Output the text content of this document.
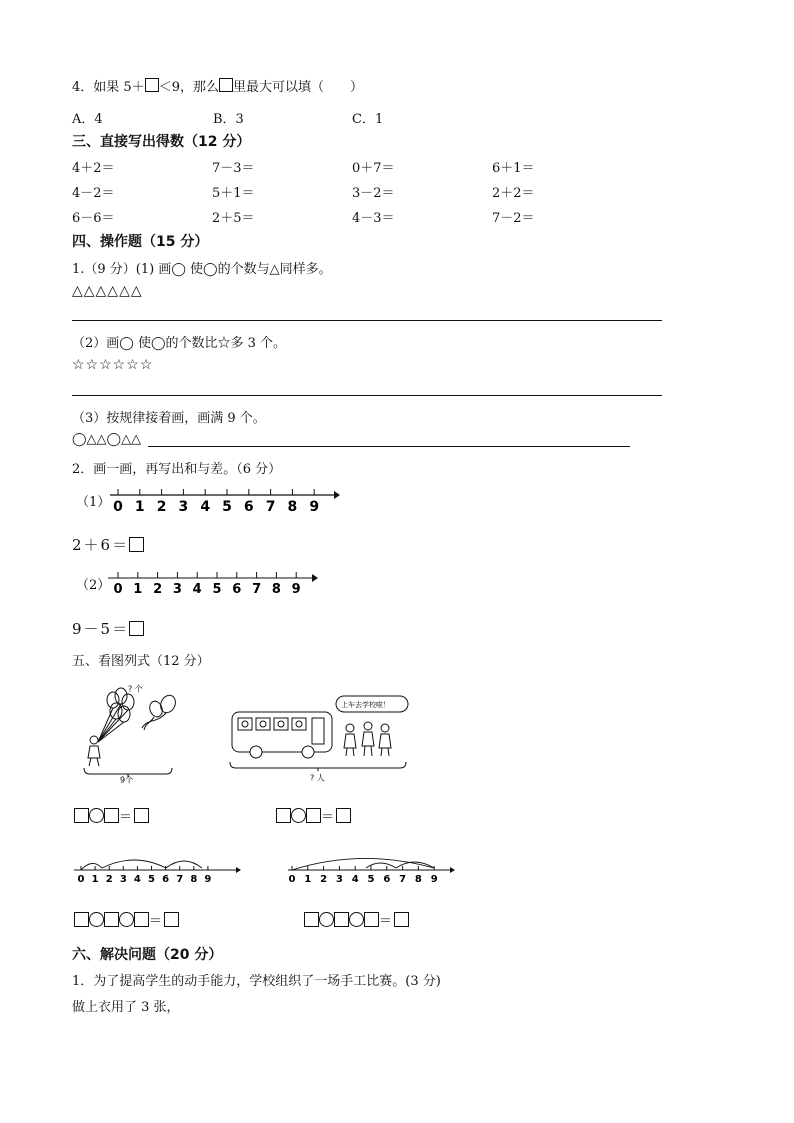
4．如果 5＋ ＜9，那么 里最大可以填（　　）
A．4	B．3	C．1
三、直接写出得数（12 分）
4＋2＝	7－3＝	0＋7＝	6＋1＝
4－2＝	5＋1＝	3－2＝	2＋2＝
6－6＝	2＋5＝	4－3＝	7－2＝
四、操作题（15 分）
1.（9 分）(1) 画◯ 使◯的个数与△同样多。
△△△△△△
（2）画◯ 使◯的个数比☆多 3 个。
☆☆☆☆☆☆
（3）按规律接着画，画满 9 个。
◯△△◯△△
2．画一画，再写出和与差。（6 分）
（1） 0 1 2 3 4 5 6 7 8 9
2＋6＝
（2） 0 1 2 3 4 5 6 7 8 9
9－5＝
五、看图列式（12 分）
? 个
9个
上车去学校啦！
? 人
＝	＝
0 1 2 3 4 5 6 7 8 9	0 1 2 3 4 5 6 7 8 9
＝	＝
六、解决问题（20 分）
1．为了提高学生的动手能力，学校组织了一场手工比赛。(3 分)
做上衣用了 3 张，
